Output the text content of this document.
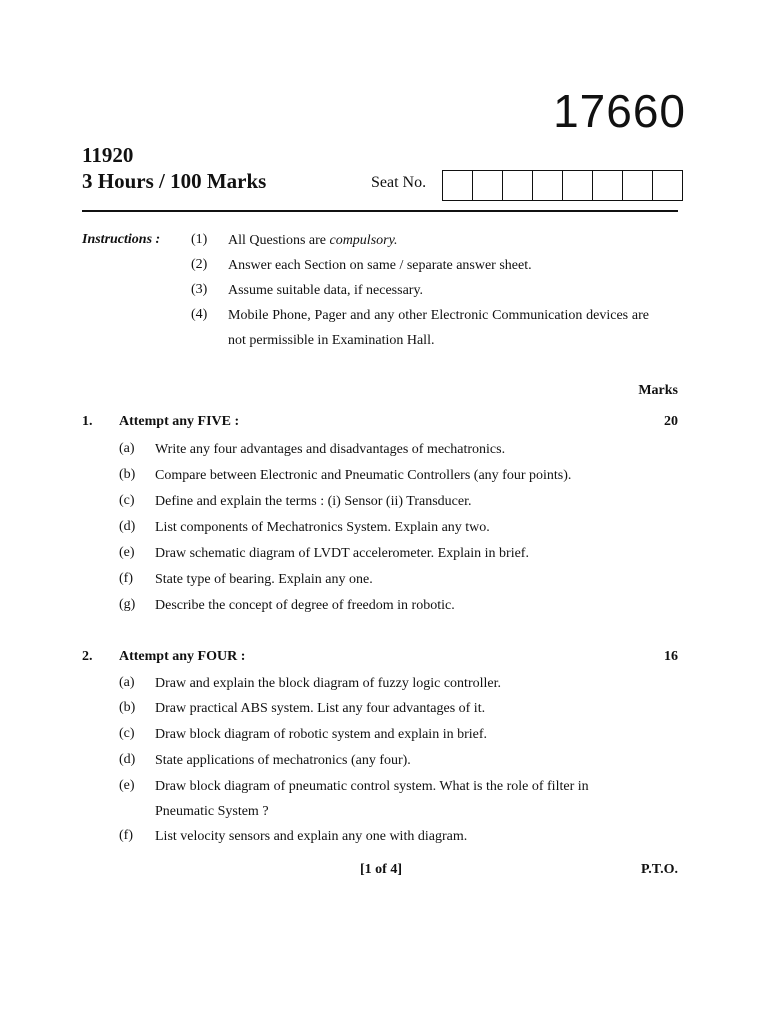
17660
11920
3 Hours / 100 Marks	Seat No.
Instructions : (1) All Questions are compulsory.
(2) Answer each Section on same / separate answer sheet.
(3) Assume suitable data, if necessary.
(4) Mobile Phone, Pager and any other Electronic Communication devices are not permissible in Examination Hall.
Marks
1. Attempt any FIVE :	20
(a) Write any four advantages and disadvantages of mechatronics.
(b) Compare between Electronic and Pneumatic Controllers (any four points).
(c) Define and explain the terms : (i) Sensor (ii) Transducer.
(d) List components of Mechatronics System. Explain any two.
(e) Draw schematic diagram of LVDT accelerometer. Explain in brief.
(f) State type of bearing. Explain any one.
(g) Describe the concept of degree of freedom in robotic.
2. Attempt any FOUR :	16
(a) Draw and explain the block diagram of fuzzy logic controller.
(b) Draw practical ABS system. List any four advantages of it.
(c) Draw block diagram of robotic system and explain in brief.
(d) State applications of mechatronics (any four).
(e) Draw block diagram of pneumatic control system. What is the role of filter in Pneumatic System ?
(f) List velocity sensors and explain any one with diagram.
[1 of 4]	P.T.O.
